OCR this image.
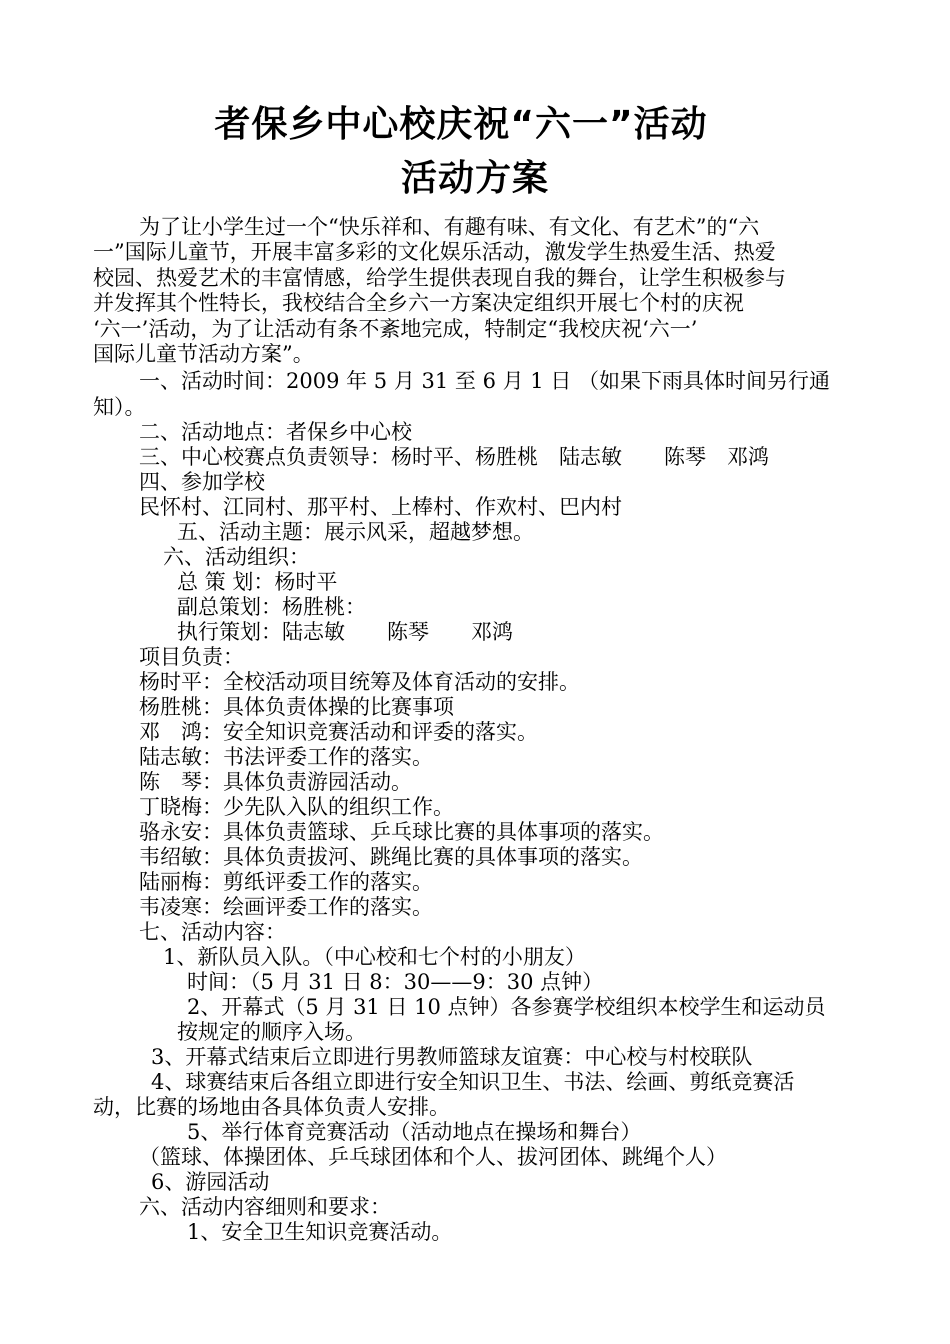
者保乡中心校庆祝“六一”活动
活动方案
为了让小学生过一个“快乐祥和、有趣有味、有文化、有艺术”的“六
一”国际儿童节，开展丰富多彩的文化娱乐活动，激发学生热爱生活、热爱
校园、热爱艺术的丰富情感，给学生提供表现自我的舞台，让学生积极参与
并发挥其个性特长，我校结合全乡六一方案决定组织开展七个村的庆祝
‘六一’活动，为了让活动有条不紊地完成，特制定“我校庆祝‘六一’
国际儿童节活动方案”。
一、活动时间：2009 年 5 月 31 至 6 月 1 日 （如果下雨具体时间另行通
知）。
二、活动地点：者保乡中心校
三、中心校赛点负责领导：杨时平、杨胜桃　陆志敏　　陈琴　邓鸿
四、参加学校
民怀村、江同村、那平村、上棒村、作欢村、巴内村
五、活动主题：展示风采，超越梦想。
六、活动组织：
总 策 划：杨时平
副总策划：杨胜桃：
执行策划：陆志敏　　陈琴　　邓鸿
项目负责：
杨时平：全校活动项目统筹及体育活动的安排。
杨胜桃：具体负责体操的比赛事项
邓　鸿：安全知识竞赛活动和评委的落实。
陆志敏：书法评委工作的落实。
陈　琴：具体负责游园活动。
丁晓梅：少先队入队的组织工作。
骆永安：具体负责篮球、乒乓球比赛的具体事项的落实。
韦绍敏：具体负责拔河、跳绳比赛的具体事项的落实。
陆丽梅：剪纸评委工作的落实。
韦凌寒：绘画评委工作的落实。
七、活动内容：
1、新队员入队。（中心校和七个村的小朋友）
时间：（5 月 31 日 8：30——9：30 点钟）
2、开幕式（5 月 31 日 10 点钟）各参赛学校组织本校学生和运动员
按规定的顺序入场。
3、开幕式结束后立即进行男教师篮球友谊赛：中心校与村校联队
4、球赛结束后各组立即进行安全知识卫生、书法、绘画、剪纸竞赛活
动，比赛的场地由各具体负责人安排。
5、举行体育竞赛活动（活动地点在操场和舞台）
（篮球、体操团体、乒乓球团体和个人、拔河团体、跳绳个人）
6、游园活动
六、活动内容细则和要求：
1、安全卫生知识竞赛活动。
